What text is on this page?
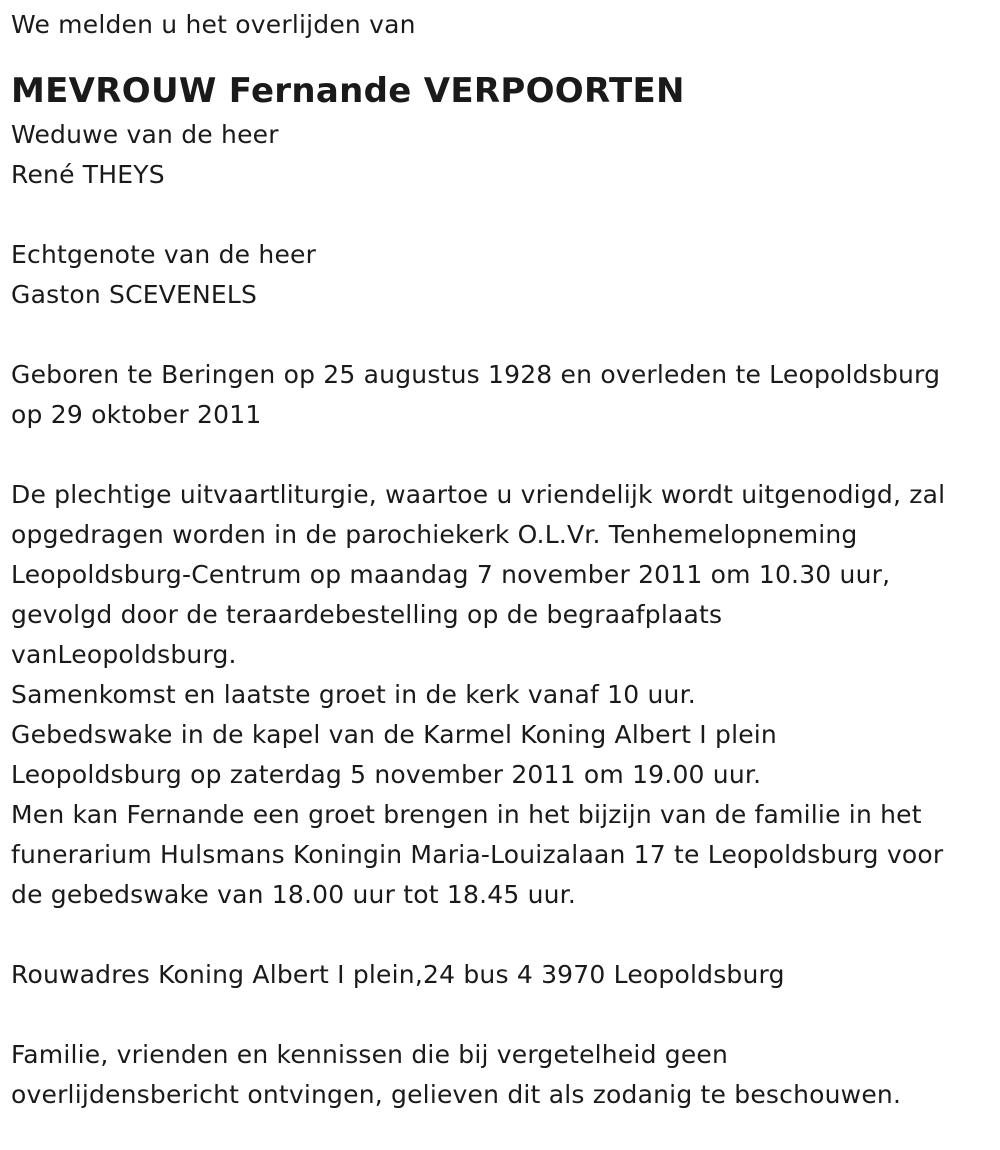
We melden u het overlijden van
MEVROUW Fernande VERPOORTEN
Weduwe van de heer
René THEYS
Echtgenote van de heer
Gaston SCEVENELS
Geboren te Beringen op 25 augustus 1928 en overleden te Leopoldsburg
op 29 oktober 2011
De plechtige uitvaartliturgie, waartoe u vriendelijk wordt uitgenodigd, zal
opgedragen worden in de parochiekerk O.L.Vr. Tenhemelopneming
Leopoldsburg-Centrum op maandag 7 november 2011 om 10.30 uur,
gevolgd door de teraardebestelling op de begraafplaats
vanLeopoldsburg.
Samenkomst en laatste groet in de kerk vanaf 10 uur.
Gebedswake in de kapel van de Karmel Koning Albert I plein
Leopoldsburg op zaterdag 5 november 2011 om 19.00 uur.
Men kan Fernande een groet brengen in het bijzijn van de familie in het
funerarium Hulsmans Koningin Maria-Louizalaan 17 te Leopoldsburg voor
de gebedswake van 18.00 uur tot 18.45 uur.
Rouwadres Koning Albert I plein,24 bus 4 3970 Leopoldsburg
Familie, vrienden en kennissen die bij vergetelheid geen
overlijdensbericht ontvingen, gelieven dit als zodanig te beschouwen.
